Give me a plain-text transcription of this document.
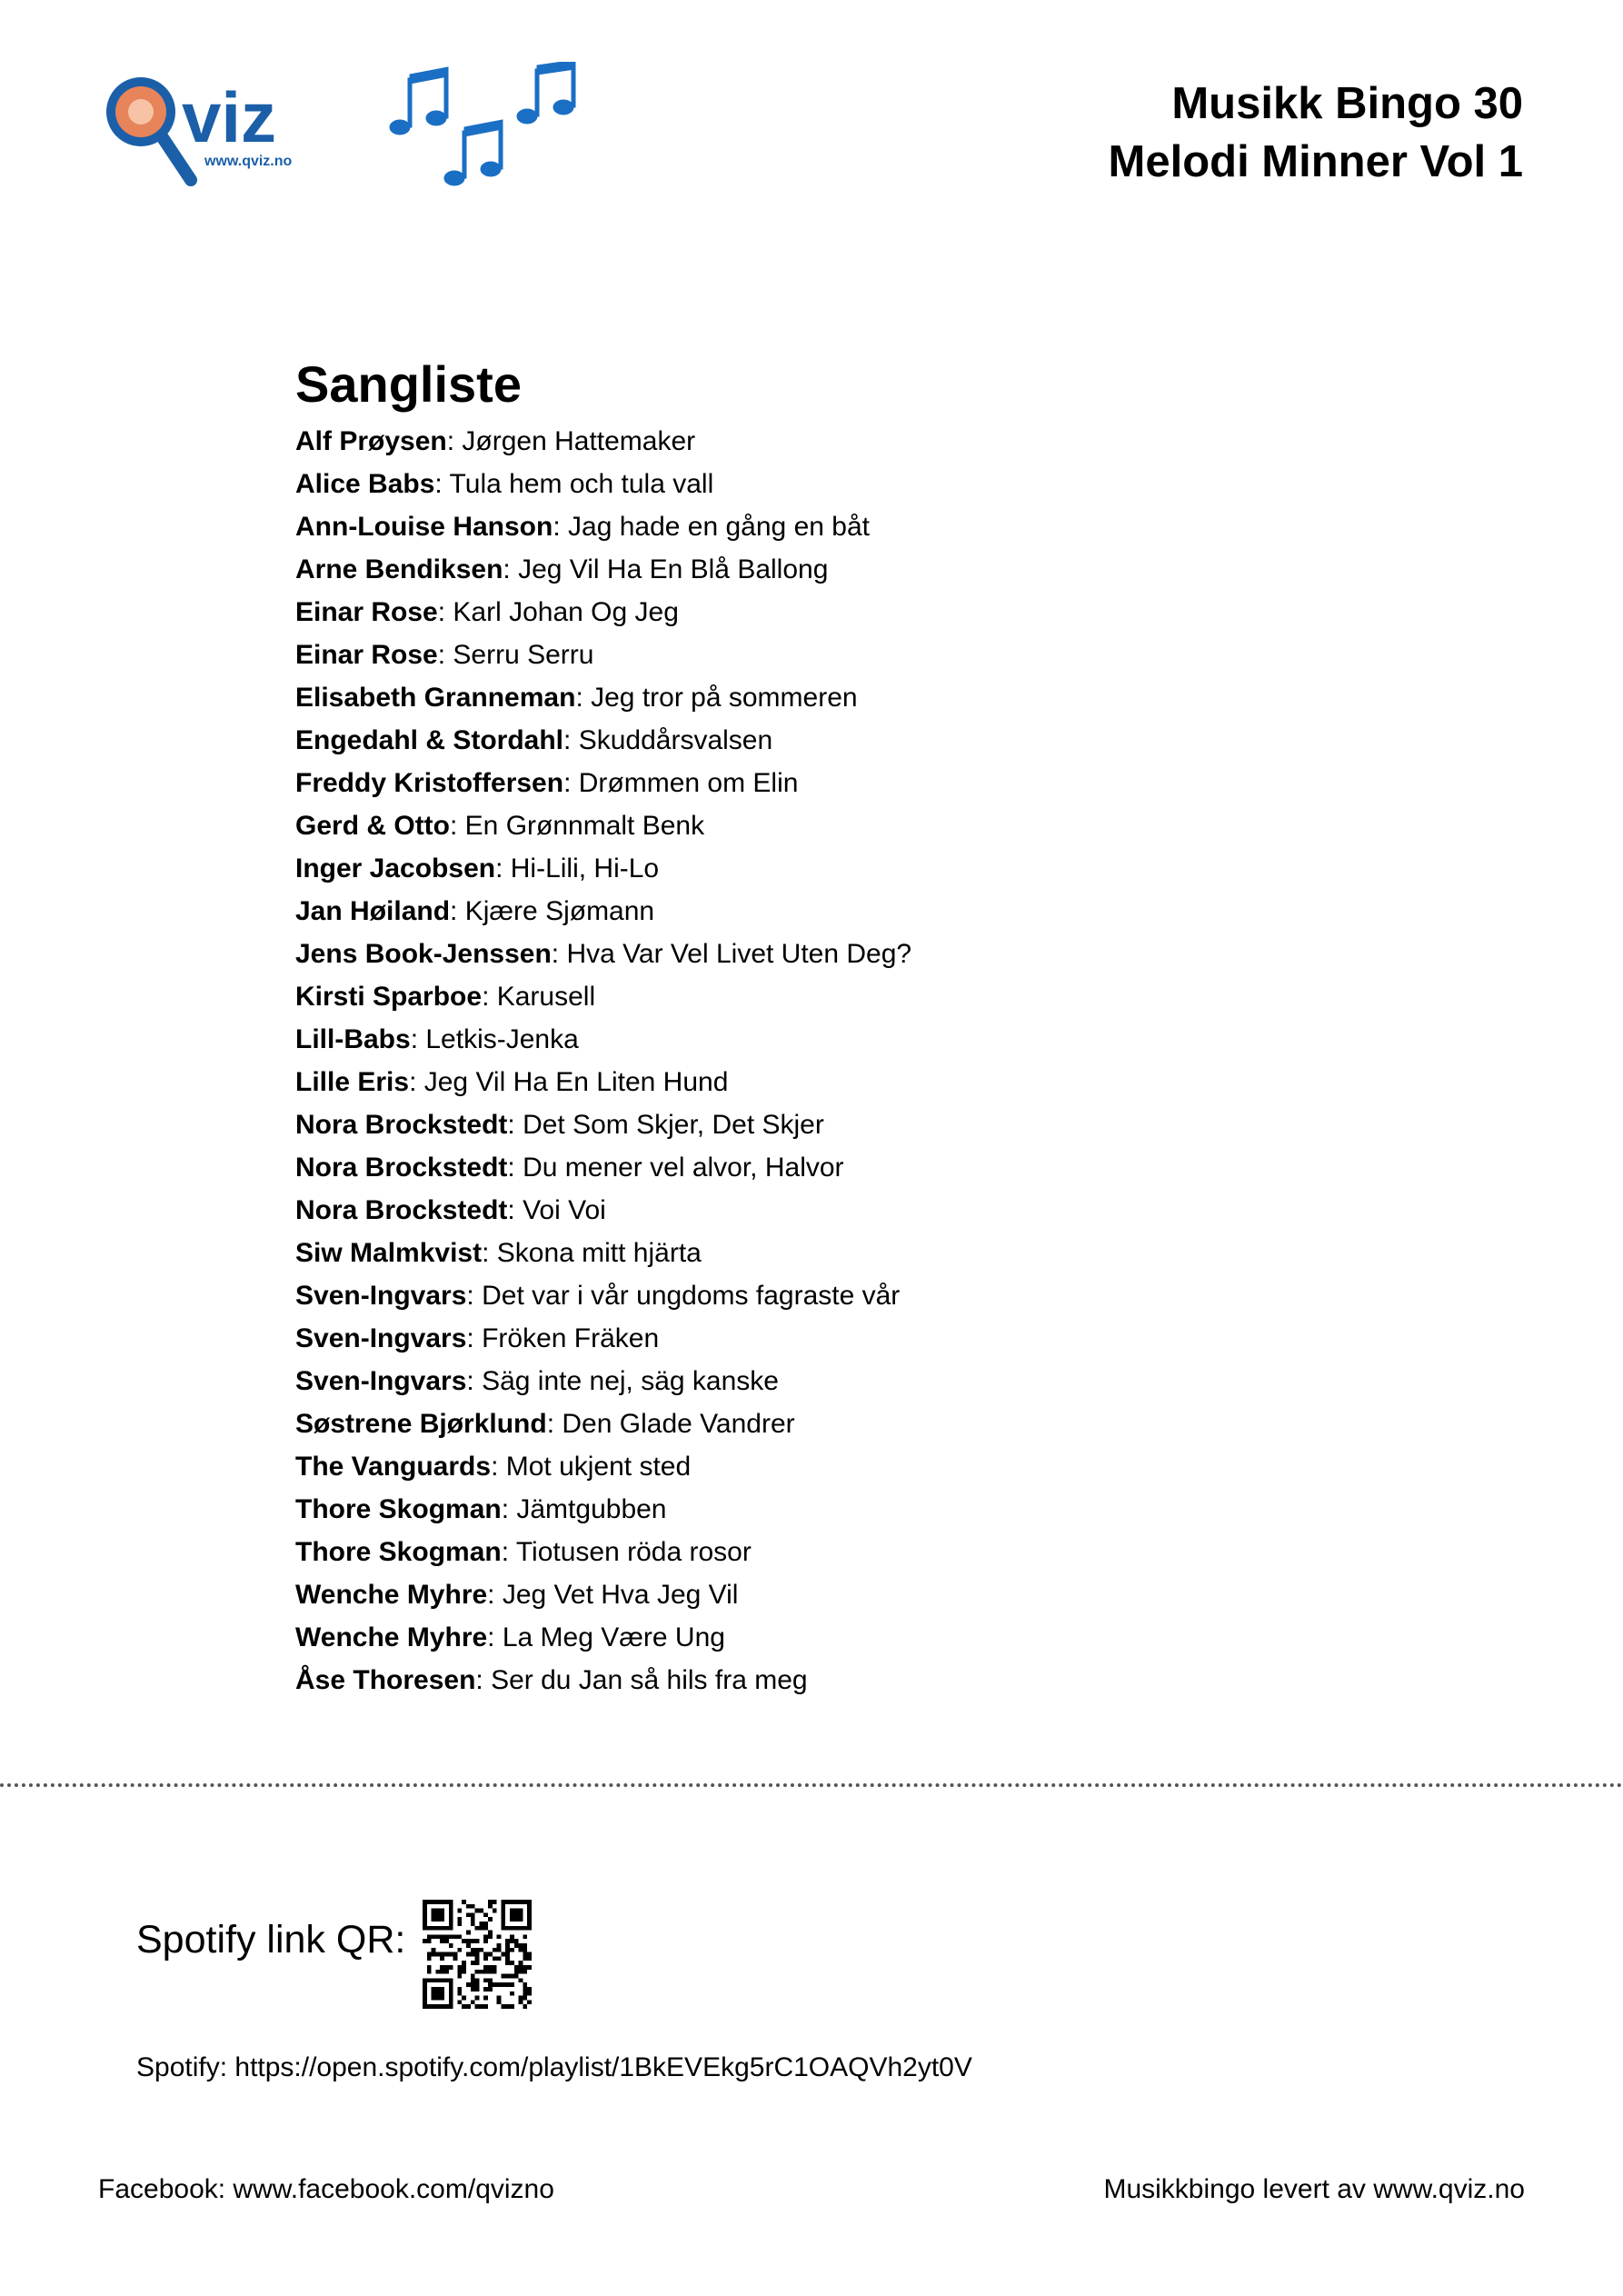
viz
www.qviz.no
Musikk Bingo 30
Melodi Minner Vol 1
Sangliste
Alf Prøysen: Jørgen Hattemaker
Alice Babs: Tula hem och tula vall
Ann-Louise Hanson: Jag hade en gång en båt
Arne Bendiksen: Jeg Vil Ha En Blå Ballong
Einar Rose: Karl Johan Og Jeg
Einar Rose: Serru Serru
Elisabeth Granneman: Jeg tror på sommeren
Engedahl & Stordahl: Skuddårsvalsen
Freddy Kristoffersen: Drømmen om Elin
Gerd & Otto: En Grønnmalt Benk
Inger Jacobsen: Hi-Lili, Hi-Lo
Jan Høiland: Kjære Sjømann
Jens Book-Jenssen: Hva Var Vel Livet Uten Deg?
Kirsti Sparboe: Karusell
Lill-Babs: Letkis-Jenka
Lille Eris: Jeg Vil Ha En Liten Hund
Nora Brockstedt: Det Som Skjer, Det Skjer
Nora Brockstedt: Du mener vel alvor, Halvor
Nora Brockstedt: Voi Voi
Siw Malmkvist: Skona mitt hjärta
Sven-Ingvars: Det var i vår ungdoms fagraste vår
Sven-Ingvars: Fröken Fräken
Sven-Ingvars: Säg inte nej, säg kanske
Søstrene Bjørklund: Den Glade Vandrer
The Vanguards: Mot ukjent sted
Thore Skogman: Jämtgubben
Thore Skogman: Tiotusen röda rosor
Wenche Myhre: Jeg Vet Hva Jeg Vil
Wenche Myhre: La Meg Være Ung
Åse Thoresen: Ser du Jan så hils fra meg
Spotify link QR:
Spotify: https://open.spotify.com/playlist/1BkEVEkg5rC1OAQVh2yt0V
Facebook: www.facebook.com/qvizno	Musikkbingo levert av www.qviz.no
